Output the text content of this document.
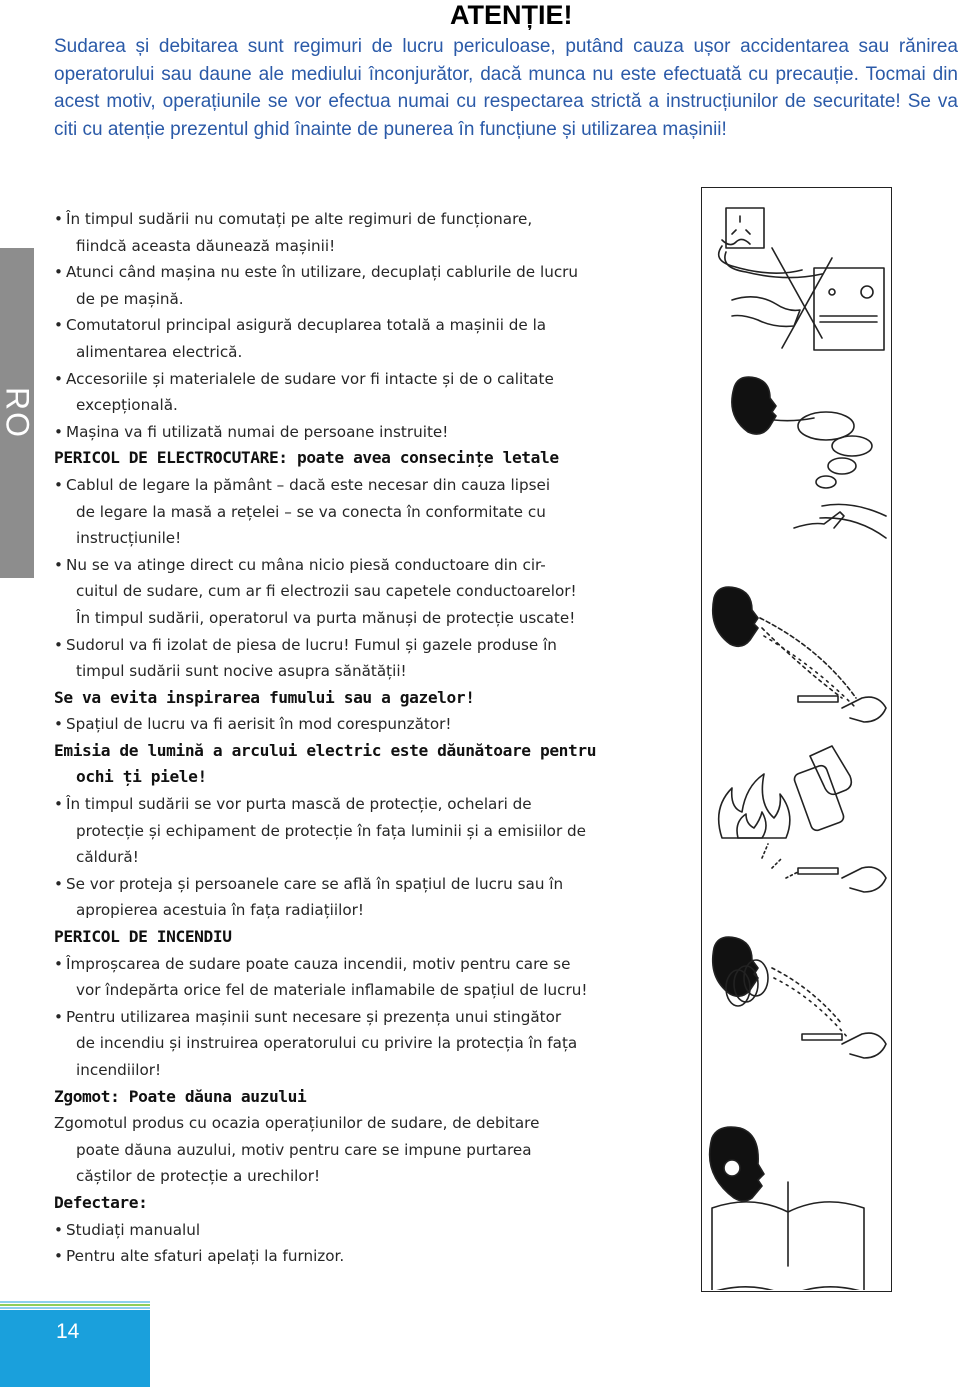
ATENȚIE!

Sudarea și debitarea sunt regimuri de lucru periculoase, putând cauza ușor accidentarea sau rănirea operatorului sau daune ale mediului înconjurător, dacă munca nu este efectuată cu precauție. Tocmai din acest motiv, operațiunile se vor efectua numai cu respectarea strictă a instrucțiunilor de securitate! Se va citi cu atenție prezentul ghid înainte de punerea în funcțiune și utilizarea mașinii!

RO
• În timpul sudării nu comutați pe alte regimuri de funcționare,
fiindcă aceasta dăunează mașinii!
• Atunci când mașina nu este în utilizare, decuplați cablurile de lucru
de pe mașină.
• Comutatorul principal asigură decuplarea totală a mașinii de la
alimentarea electrică.
• Accesoriile și materialele de sudare vor fi intacte și de o calitate
excepțională.
• Mașina va fi utilizată numai de persoane instruite!
PERICOL DE ELECTROCUTARE: poate avea consecințe letale
• Cablul de legare la pământ – dacă este necesar din cauza lipsei
de legare la masă a rețelei – se va conecta în conformitate cu
instrucțiunile!
• Nu se va atinge direct cu mâna nicio piesă conductoare din cir-
cuitul de sudare, cum ar fi electrozii sau capetele conductoarelor!
În timpul sudării, operatorul va purta mănuși de protecție uscate!
• Sudorul va fi izolat de piesa de lucru! Fumul și gazele produse în
timpul sudării sunt nocive asupra sănătății!
Se va evita inspirarea fumului sau a gazelor!
• Spațiul de lucru va fi aerisit în mod corespunzător!
Emisia de lumină a arcului electric este dăunătoare pentru
ochi ți piele!
• În timpul sudării se vor purta mască de protecție, ochelari de
protecție și echipament de protecție în fața luminii și a emisiilor de
căldură!
• Se vor proteja și persoanele care se află în spațiul de lucru sau în
apropierea acestuia în fața radiațiilor!
PERICOL DE INCENDIU
• Împroșcarea de sudare poate cauza incendii, motiv pentru care se
vor îndepărta orice fel de materiale inflamabile de spațiul de lucru!
• Pentru utilizarea mașinii sunt necesare și prezența unui stingător
de incendiu și instruirea operatorului cu privire la protecția în fața
incendiilor!
Zgomot: Poate dăuna auzului
Zgomotul produs cu ocazia operațiunilor de sudare, de debitare
poate dăuna auzului, motiv pentru care se impune purtarea
căștilor de protecție a urechilor!
Defectare:
• Studiați manualul
• Pentru alte sfaturi apelați la furnizor.
14
